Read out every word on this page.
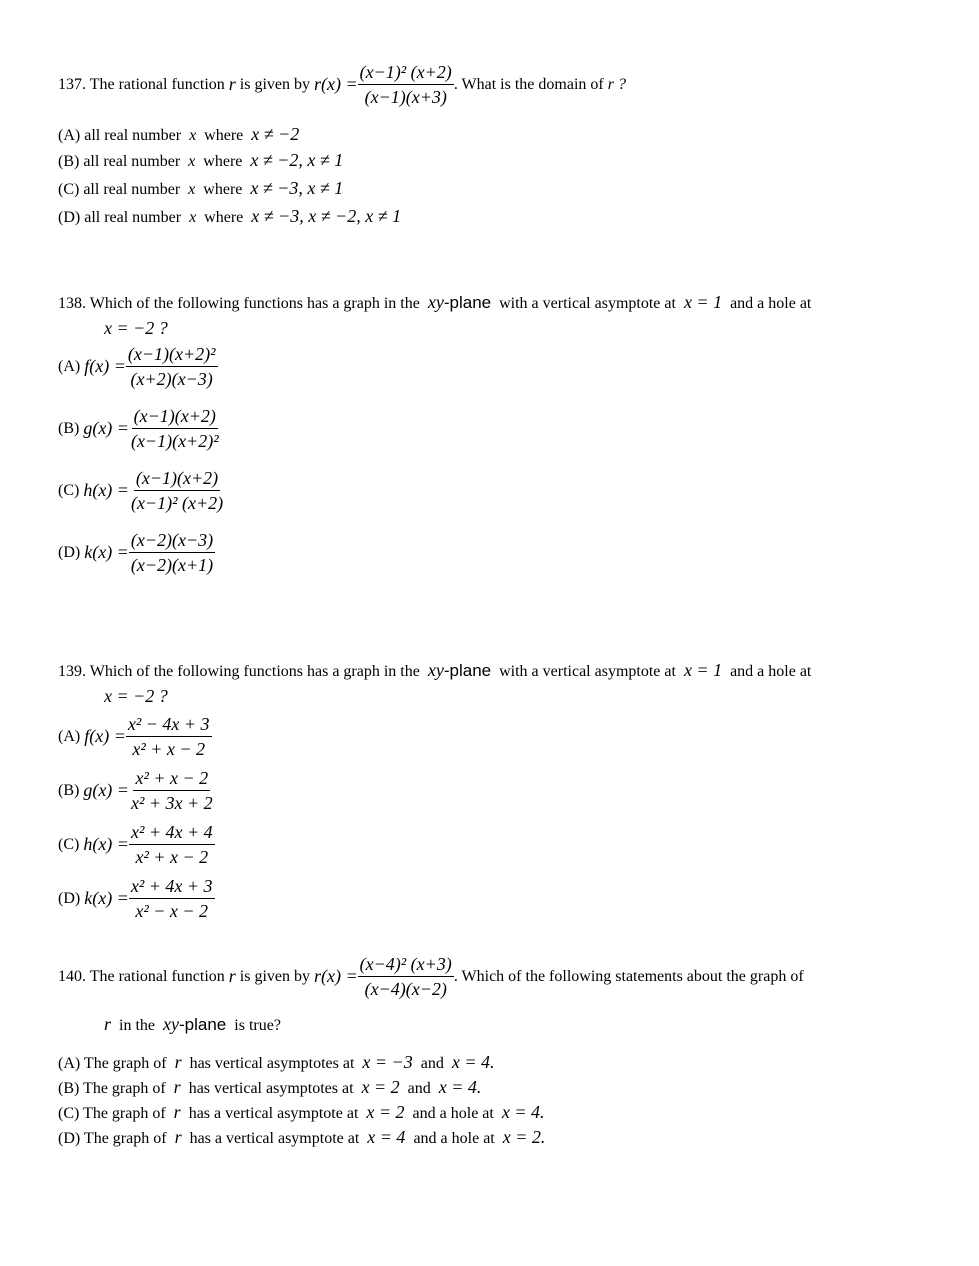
137. The rational function
r
is given by
$r(x) = \frac{\text{(x−1)² (x+2)}}{(x-1)(x+3)}$ . What is the domain of
r ?
(A) all real number x where x ≠ −2
(B) all real number x where x ≠ −2, x ≠ 1
(C) all real number x where x ≠ −3, x ≠ 1
(D) all real number x where x ≠ −3, x ≠ −2, x ≠ 1
138. Which of the following functions has a graph in the xy-plane with a vertical asymptote at x = 1 and a hole at
x = −2 ?
(A)
$f(x) = \frac{\text{(x−1)(x+2)²}}{(x+2)(x-3)}$
(B)
$g(x) = \frac{(x-1)(x+2)}{\text{(x−1)(x+2)²}}$
(C)
$h(x) = \frac{(x-1)(x+2)}{\text{(x−1)² (x+2)}}$
(D)
$k(x) = \frac{(x-2)(x-3)}{(x-2)(x+1)}$
139. Which of the following functions has a graph in the xy-plane with a vertical asymptote at x = 1 and a hole at
x = −2 ?
(A)
$f(x) = \frac{\text{x² − 4x + 3}}{\text{x² + x − 2}}$
(B)
$g(x) = \frac{\text{x² + x − 2}}{\text{x² + 3x + 2}}$
(C)
$h(x) = \frac{\text{x² + 4x + 4}}{\text{x² + x − 2}}$
(D)
$k(x) = \frac{\text{x² + 4x + 3}}{\text{x² − x − 2}}$
140. The rational function
r
is given by
$r(x) = \frac{\text{(x−4)² (x+3)}}{(x-4)(x-2)}$ . Which of the following statements about the graph of
r in the xy-plane is true?
(A) The graph of r has vertical asymptotes at x = −3 and x = 4.
(B) The graph of r has vertical asymptotes at x = 2 and x = 4.
(C) The graph of r has a vertical asymptote at x = 2 and a hole at x = 4.
(D) The graph of r has a vertical asymptote at x = 4 and a hole at x = 2.
